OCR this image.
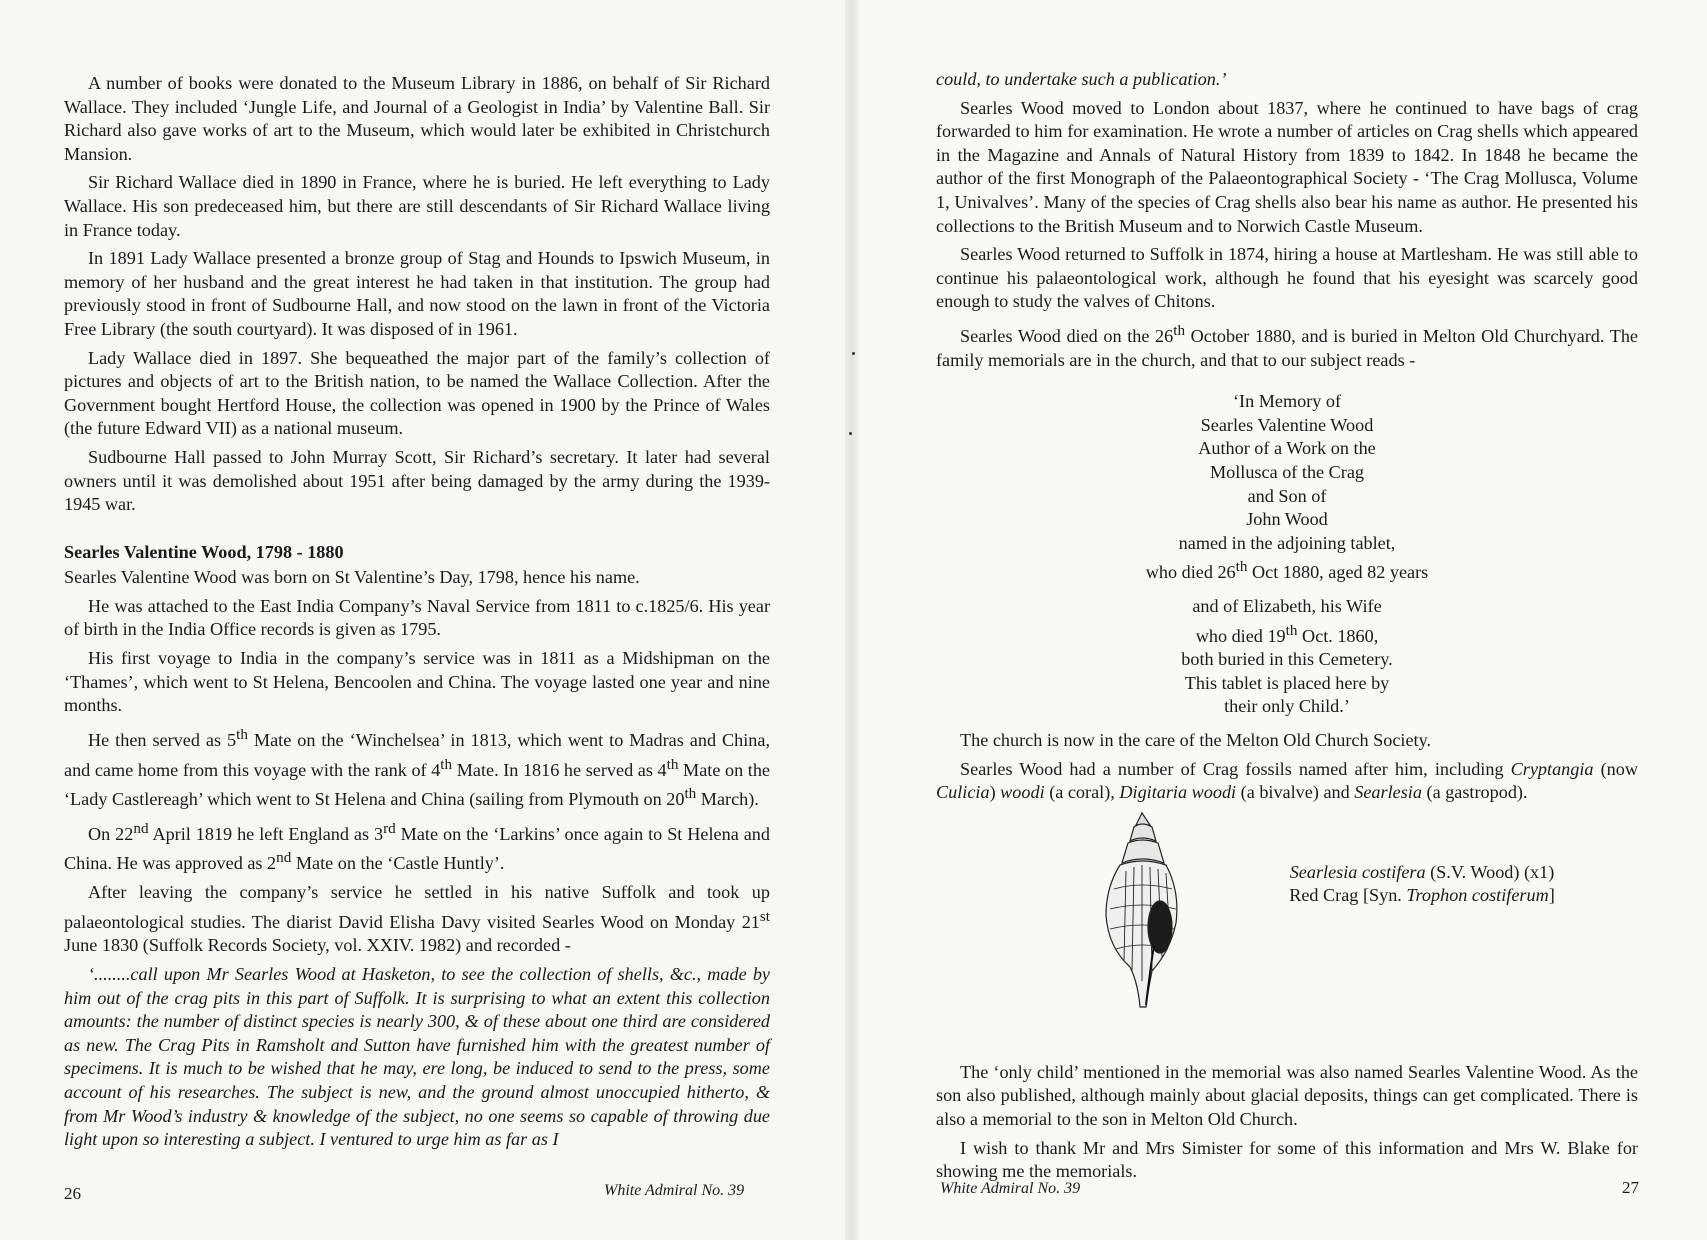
A number of books were donated to the Museum Library in 1886, on behalf of Sir Richard Wallace. They included ‘Jungle Life, and Journal of a Geologist in India’ by Valentine Ball. Sir Richard also gave works of art to the Museum, which would later be exhibited in Christchurch Mansion.

Sir Richard Wallace died in 1890 in France, where he is buried. He left everything to Lady Wallace. His son predeceased him, but there are still descendants of Sir Richard Wallace living in France today.

In 1891 Lady Wallace presented a bronze group of Stag and Hounds to Ipswich Museum, in memory of her husband and the great interest he had taken in that institution. The group had previously stood in front of Sudbourne Hall, and now stood on the lawn in front of the Victoria Free Library (the south courtyard). It was disposed of in 1961.

Lady Wallace died in 1897. She bequeathed the major part of the family’s collection of pictures and objects of art to the British nation, to be named the Wallace Collection. After the Government bought Hertford House, the collection was opened in 1900 by the Prince of Wales (the future Edward VII) as a national museum.

Sudbourne Hall passed to John Murray Scott, Sir Richard’s secretary. It later had several owners until it was demolished about 1951 after being damaged by the army during the 1939-1945 war.

Searles Valentine Wood, 1798 - 1880

Searles Valentine Wood was born on St Valentine’s Day, 1798, hence his name.

He was attached to the East India Company’s Naval Service from 1811 to c.1825/6. His year of birth in the India Office records is given as 1795.

His first voyage to India in the company’s service was in 1811 as a Midshipman on the ‘Thames’, which went to St Helena, Bencoolen and China. The voyage lasted one year and nine months.

He then served as 5th Mate on the ‘Winchelsea’ in 1813, which went to Madras and China, and came home from this voyage with the rank of 4th Mate. In 1816 he served as 4th Mate on the ‘Lady Castlereagh’ which went to St Helena and China (sailing from Plymouth on 20th March).

On 22nd April 1819 he left England as 3rd Mate on the ‘Larkins’ once again to St Helena and China. He was approved as 2nd Mate on the ‘Castle Huntly’.

After leaving the company’s service he settled in his native Suffolk and took up palaeontological studies. The diarist David Elisha Davy visited Searles Wood on Monday 21st June 1830 (Suffolk Records Society, vol. XXIV. 1982) and recorded -

‘........call upon Mr Searles Wood at Hasketon, to see the collection of shells, &c., made by him out of the crag pits in this part of Suffolk. It is surprising to what an extent this collection amounts: the number of distinct species is nearly 300, & of these about one third are considered as new. The Crag Pits in Ramsholt and Sutton have furnished him with the greatest number of specimens. It is much to be wished that he may, ere long, be induced to send to the press, some account of his researches. The subject is new, and the ground almost unoccupied hitherto, & from Mr Wood’s industry & knowledge of the subject, no one seems so capable of throwing due light upon so interesting a subject. I ventured to urge him as far as I

26	White Admiral No. 39

could, to undertake such a publication.’

Searles Wood moved to London about 1837, where he continued to have bags of crag forwarded to him for examination. He wrote a number of articles on Crag shells which appeared in the Magazine and Annals of Natural History from 1839 to 1842. In 1848 he became the author of the first Monograph of the Palaeontographical Society - ‘The Crag Mollusca, Volume 1, Univalves’. Many of the species of Crag shells also bear his name as author. He presented his collections to the British Museum and to Norwich Castle Museum.

Searles Wood returned to Suffolk in 1874, hiring a house at Martlesham. He was still able to continue his palaeontological work, although he found that his eyesight was scarcely good enough to study the valves of Chitons.

Searles Wood died on the 26th October 1880, and is buried in Melton Old Churchyard. The family memorials are in the church, and that to our subject reads -

‘In Memory of
Searles Valentine Wood
Author of a Work on the
Mollusca of the Crag
and Son of
John Wood
named in the adjoining tablet,
who died 26th Oct 1880, aged 82 years
and of Elizabeth, his Wife
who died 19th Oct. 1860,
both buried in this Cemetery.
This tablet is placed here by
their only Child.’

The church is now in the care of the Melton Old Church Society.

Searles Wood had a number of Crag fossils named after him, including Cryptangia (now Culicia) woodi (a coral), Digitaria woodi (a bivalve) and Searlesia (a gastropod).

Searlesia costifera (S.V. Wood) (x1)
Red Crag [Syn. Trophon costiferum]

The ‘only child’ mentioned in the memorial was also named Searles Valentine Wood. As the son also published, although mainly about glacial deposits, things can get complicated. There is also a memorial to the son in Melton Old Church.

I wish to thank Mr and Mrs Simister for some of this information and Mrs W. Blake for showing me the memorials.

White Admiral No. 39	27
